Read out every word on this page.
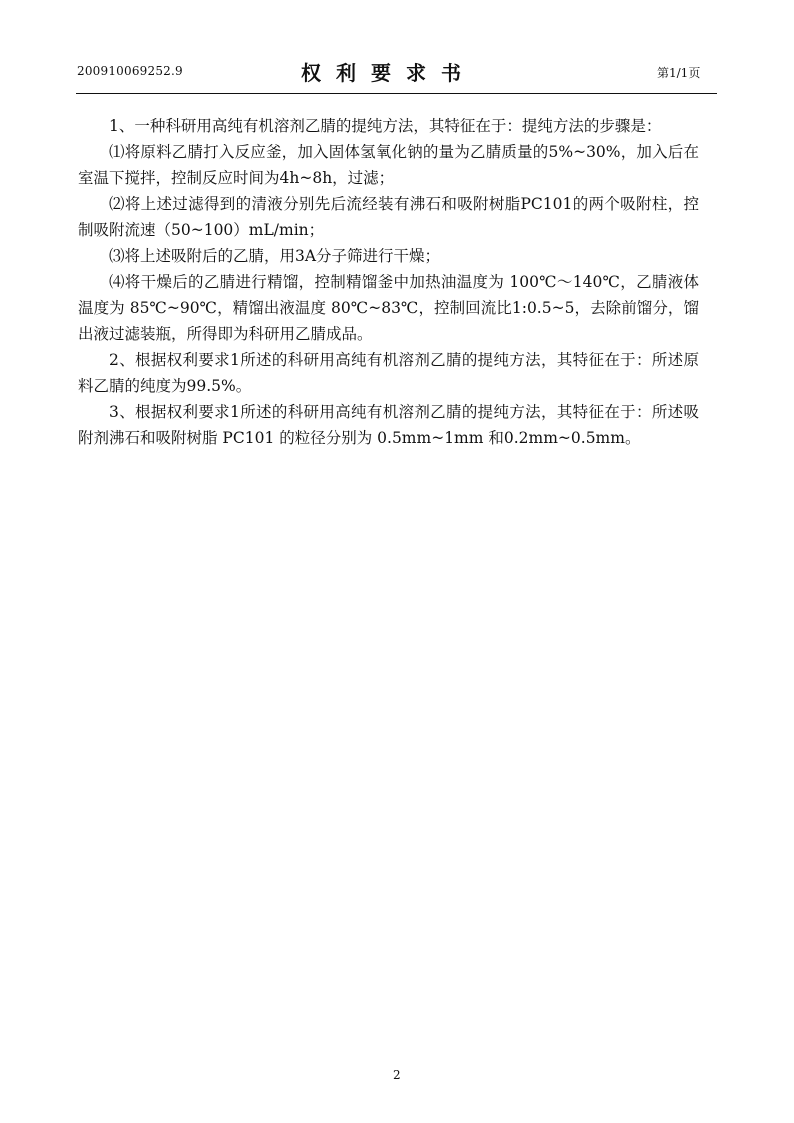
200910069252.9	权利要求书	第1/1页

1、一种科研用高纯有机溶剂乙腈的提纯方法，其特征在于：提纯方法的步骤是：

⑴将原料乙腈打入反应釜，加入固体氢氧化钠的量为乙腈质量的5%~30%，加入后在室温下搅拌，控制反应时间为4h~8h，过滤；

⑵将上述过滤得到的清液分别先后流经装有沸石和吸附树脂PC101的两个吸附柱，控制吸附流速（50~100）mL/min；

⑶将上述吸附后的乙腈，用3A分子筛进行干燥；

⑷将干燥后的乙腈进行精馏，控制精馏釜中加热油温度为 100℃～140℃，乙腈液体温度为 85℃~90℃，精馏出液温度 80℃~83℃，控制回流比1:0.5~5，去除前馏分，馏出液过滤装瓶，所得即为科研用乙腈成品。

2、根据权利要求1所述的科研用高纯有机溶剂乙腈的提纯方法，其特征在于：所述原料乙腈的纯度为99.5%。

3、根据权利要求1所述的科研用高纯有机溶剂乙腈的提纯方法，其特征在于：所述吸附剂沸石和吸附树脂 PC101 的粒径分别为 0.5mm~1mm 和0.2mm~0.5mm。

2
